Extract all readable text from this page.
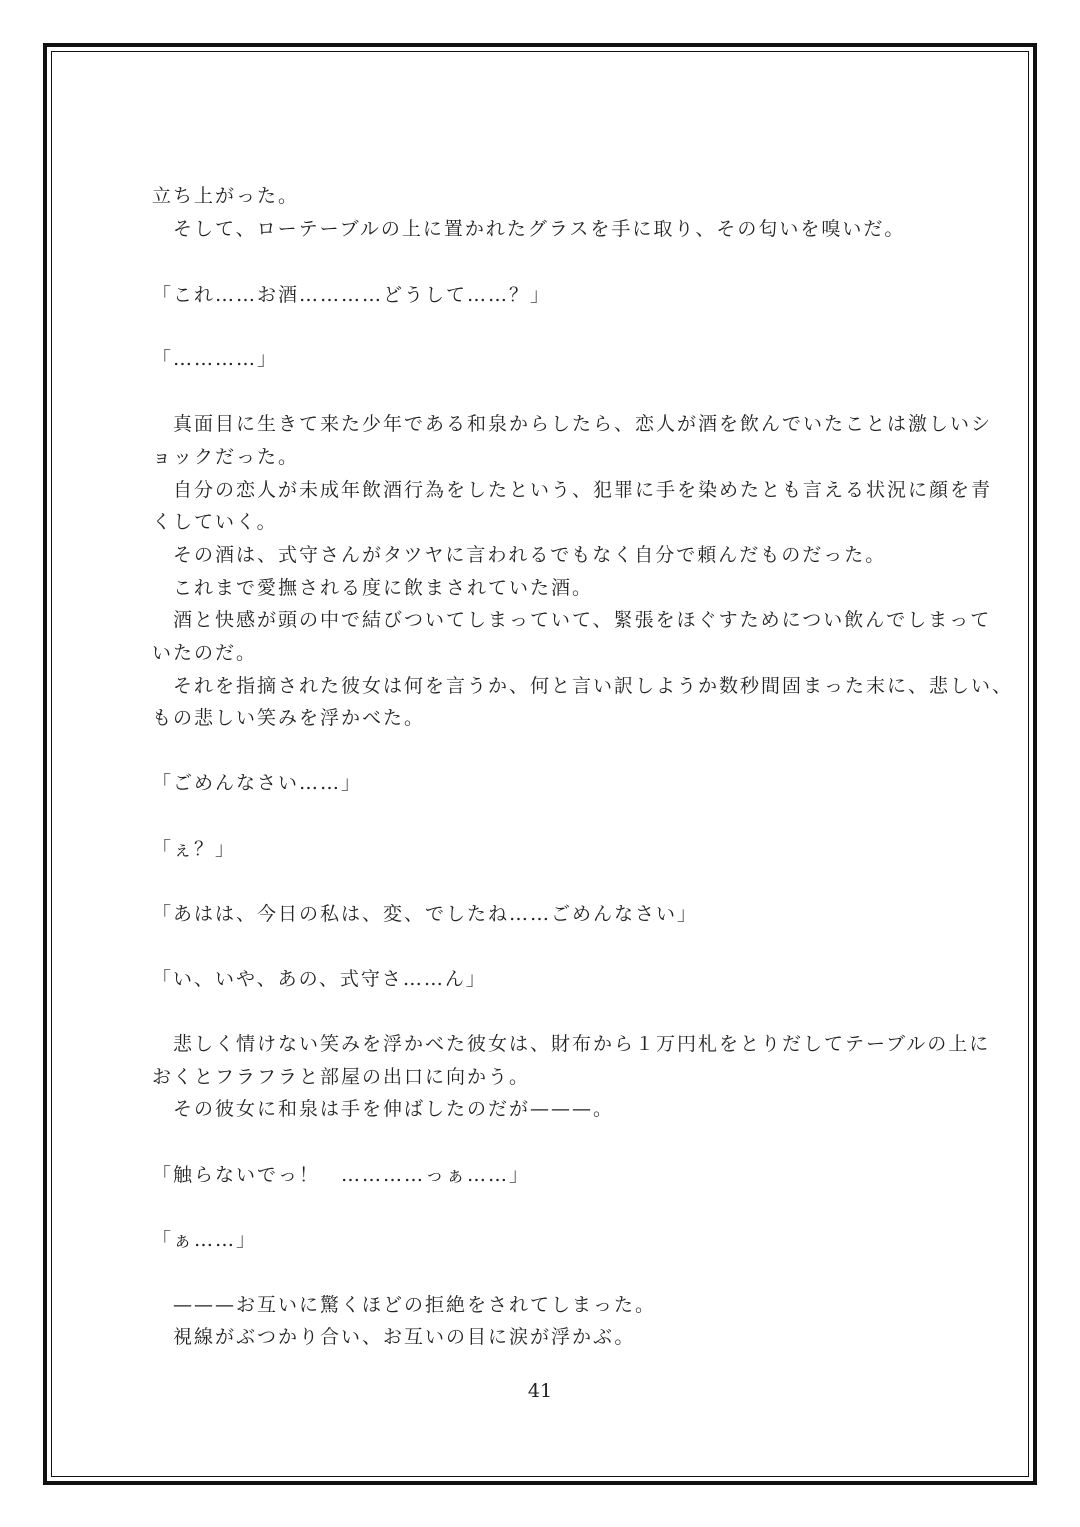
立ち上がった。
　そして、ローテーブルの上に置かれたグラスを手に取り、その匂いを嗅いだ。
「これ……お酒…………どうして……？」
「…………」
　真面目に生きて来た少年である和泉からしたら、恋人が酒を飲んでいたことは激しいシ
ョックだった。
　自分の恋人が未成年飲酒行為をしたという、犯罪に手を染めたとも言える状況に顔を青
くしていく。
　その酒は、式守さんがタツヤに言われるでもなく自分で頼んだものだった。
　これまで愛撫される度に飲まされていた酒。
　酒と快感が頭の中で結びついてしまっていて、緊張をほぐすためについ飲んでしまって
いたのだ。
　それを指摘された彼女は何を言うか、何と言い訳しようか数秒間固まった末に、悲しい、
もの悲しい笑みを浮かべた。
「ごめんなさい……」
「ぇ？」
「あはは、今日の私は、変、でしたね……ごめんなさい」
「い、いや、あの、式守さ……ん」
　悲しく情けない笑みを浮かべた彼女は、財布から１万円札をとりだしてテーブルの上に
おくとフラフラと部屋の出口に向かう。
　その彼女に和泉は手を伸ばしたのだが———。
「触らないでっ！　…………っぁ……」
「ぁ……」
　———お互いに驚くほどの拒絶をされてしまった。
　視線がぶつかり合い、お互いの目に涙が浮かぶ。
41
